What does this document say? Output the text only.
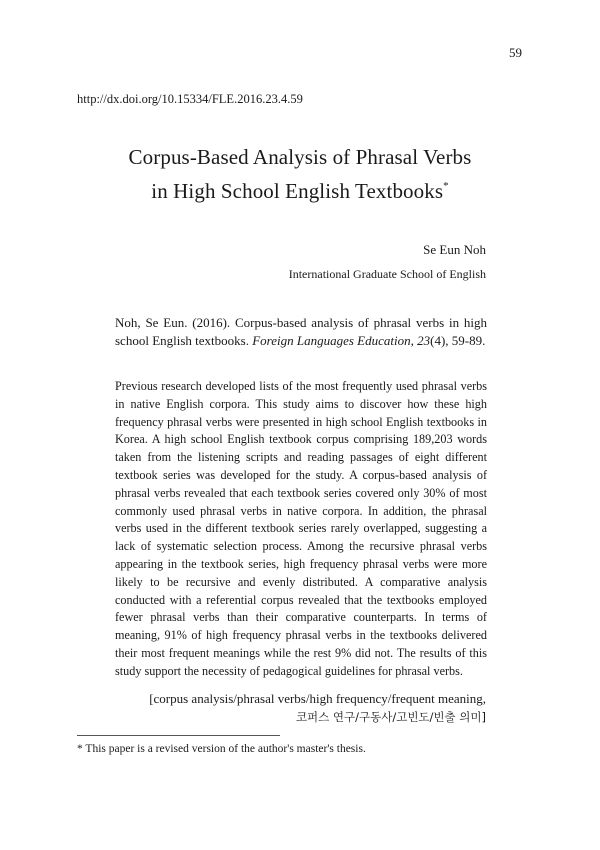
59
http://dx.doi.org/10.15334/FLE.2016.23.4.59
Corpus-Based Analysis of Phrasal Verbs
in High School English Textbooks*
Se Eun Noh
International Graduate School of English
Noh, Se Eun. (2016). Corpus-based analysis of phrasal verbs in high school English textbooks. Foreign Languages Education, 23(4), 59-89.
Previous research developed lists of the most frequently used phrasal verbs in native English corpora. This study aims to discover how these high frequency phrasal verbs were presented in high school English textbooks in Korea. A high school English textbook corpus comprising 189,203 words taken from the listening scripts and reading passages of eight different textbook series was developed for the study. A corpus-based analysis of phrasal verbs revealed that each textbook series covered only 30% of most commonly used phrasal verbs in native corpora. In addition, the phrasal verbs used in the different textbook series rarely overlapped, suggesting a lack of systematic selection process. Among the recursive phrasal verbs appearing in the textbook series, high frequency phrasal verbs were more likely to be recursive and evenly distributed. A comparative analysis conducted with a referential corpus revealed that the textbooks employed fewer phrasal verbs than their comparative counterparts. In terms of meaning, 91% of high frequency phrasal verbs in the textbooks delivered their most frequent meanings while the rest 9% did not. The results of this study support the necessity of pedagogical guidelines for phrasal verbs.
[corpus analysis/phrasal verbs/high frequency/frequent meaning,
코퍼스 연구/구동사/고빈도/빈출 의미]
* This paper is a revised version of the author's master's thesis.
